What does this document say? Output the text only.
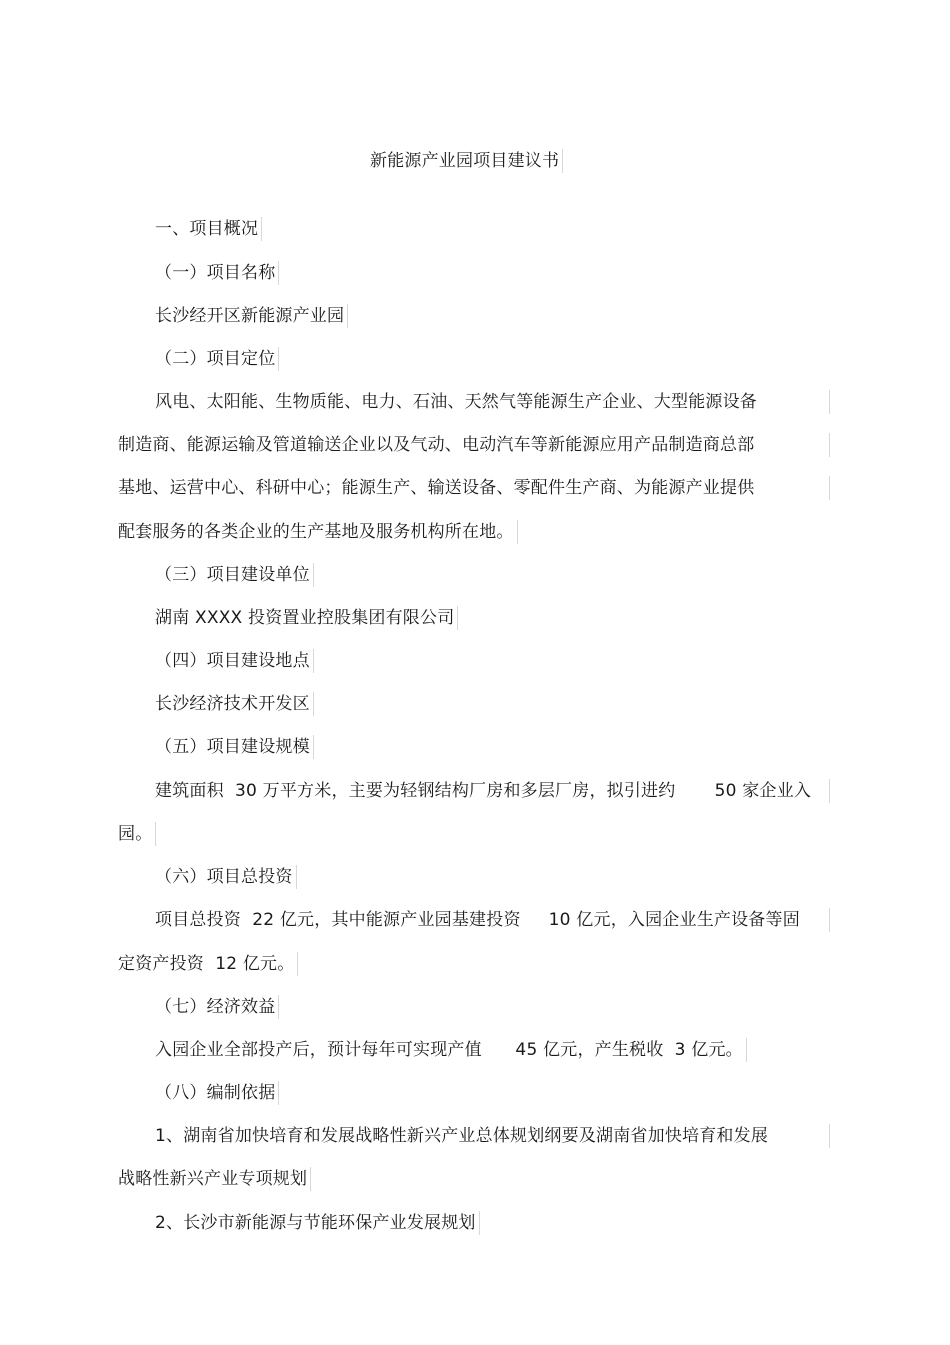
新能源产业园项目建议书
一、项目概况
（一）项目名称
长沙经开区新能源产业园
（二）项目定位
风电、太阳能、生物质能、电力、石油、天然气等能源生产企业、大型能源设备
制造商、能源运输及管道输送企业以及气动、电动汽车等新能源应用产品制造商总部
基地、运营中心、科研中心；能源生产、输送设备、零配件生产商、为能源产业提供
配套服务的各类企业的生产基地及服务机构所在地。
（三）项目建设单位
湖南 XXXX 投资置业控股集团有限公司
（四）项目建设地点
长沙经济技术开发区
（五）项目建设规模
建筑面积  30 万平方米，主要为轻钢结构厂房和多层厂房，拟引进约       50 家企业入
园。
（六）项目总投资
项目总投资  22 亿元，其中能源产业园基建投资     10 亿元，入园企业生产设备等固
定资产投资  12 亿元。
（七）经济效益
入园企业全部投产后，预计每年可实现产值      45 亿元，产生税收  3 亿元。
（八）编制依据
1、湖南省加快培育和发展战略性新兴产业总体规划纲要及湖南省加快培育和发展
战略性新兴产业专项规划
2、长沙市新能源与节能环保产业发展规划
